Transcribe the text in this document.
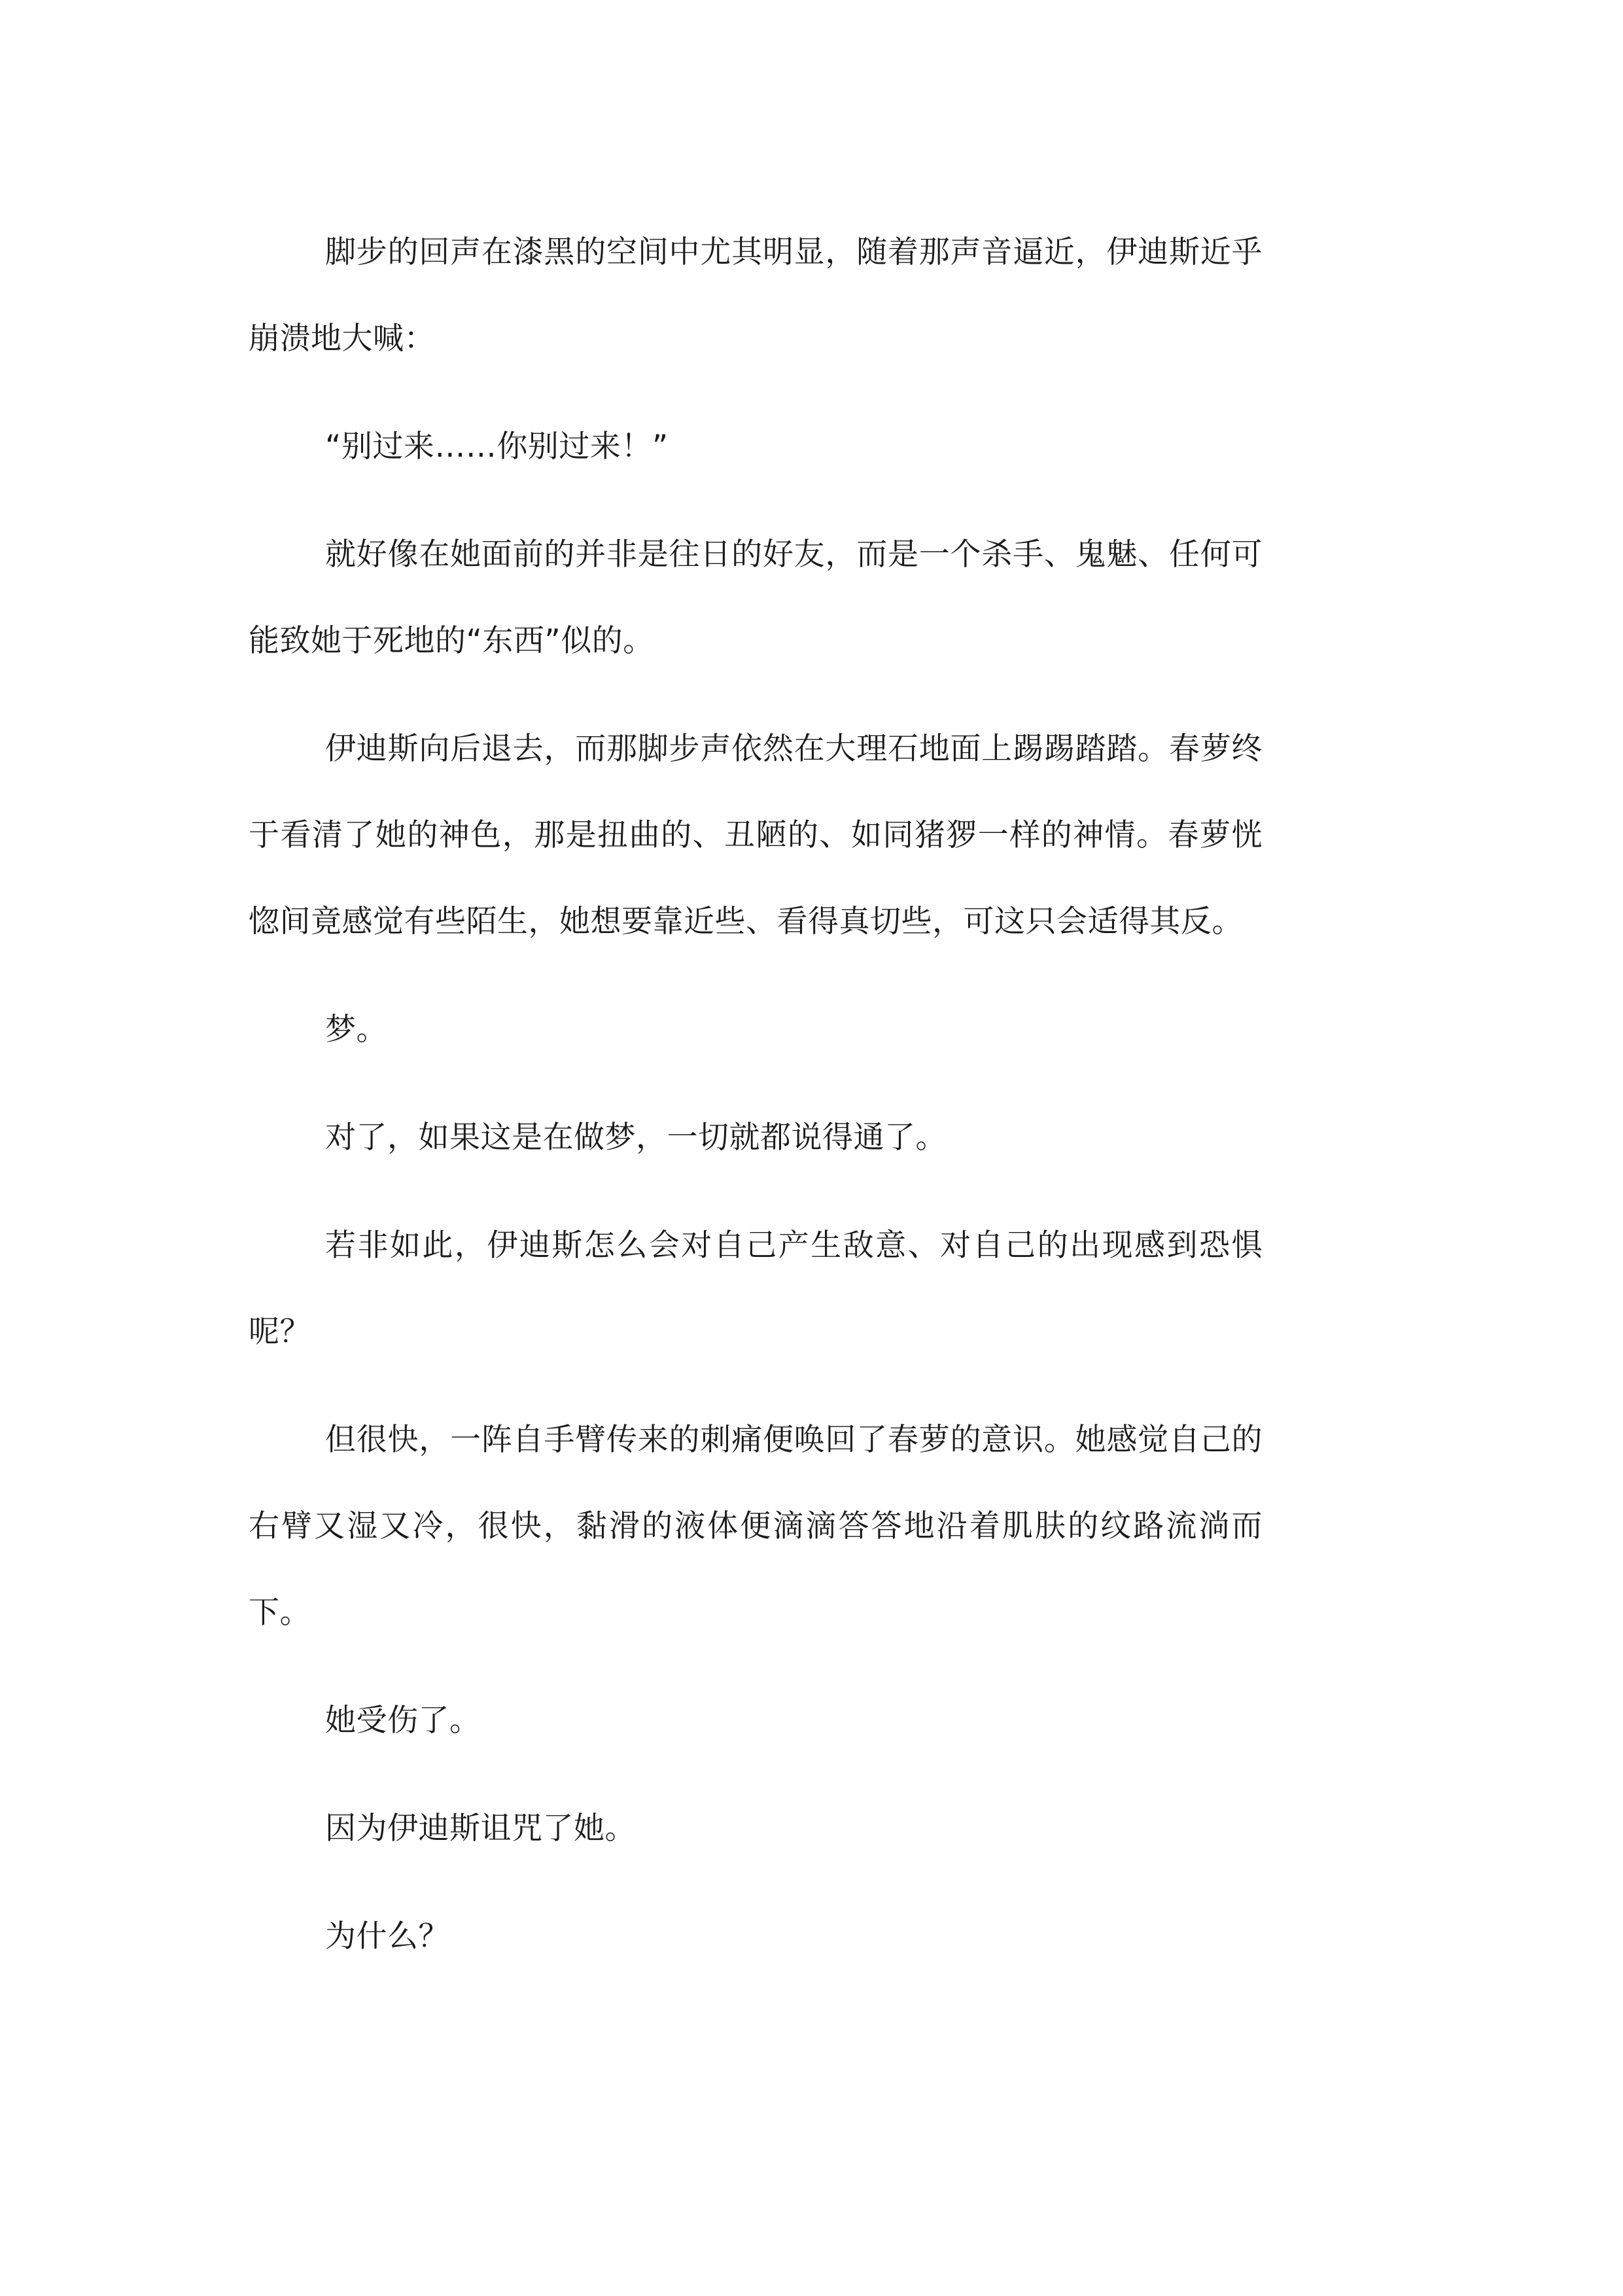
脚步的回声在漆黑的空间中尤其明显，随着那声音逼近，伊迪斯近乎崩溃地大喊：

“别过来……你别过来！”

就好像在她面前的并非是往日的好友，而是一个杀手、鬼魅、任何可能致她于死地的“东西”似的。

伊迪斯向后退去，而那脚步声依然在大理石地面上踢踢踏踏。春萝终于看清了她的神色，那是扭曲的、丑陋的、如同猪猡一样的神情。春萝恍惚间竟感觉有些陌生，她想要靠近些、看得真切些，可这只会适得其反。

梦。

对了，如果这是在做梦，一切就都说得通了。

若非如此，伊迪斯怎么会对自己产生敌意、对自己的出现感到恐惧呢？

但很快，一阵自手臂传来的刺痛便唤回了春萝的意识。她感觉自己的右臂又湿又冷，很快，黏滑的液体便滴滴答答地沿着肌肤的纹路流淌而下。

她受伤了。

因为伊迪斯诅咒了她。

为什么？
